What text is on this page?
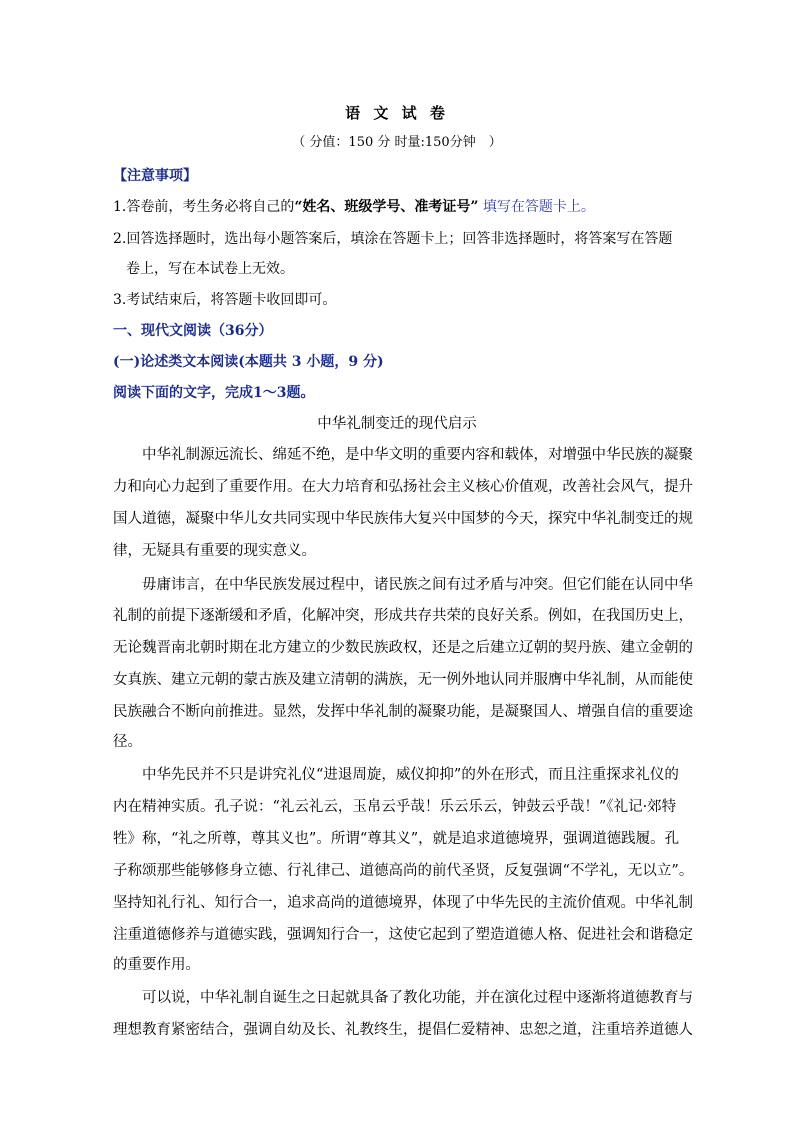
语 文 试 卷
（ 分值：150 分 时量:150分钟　）
【注意事项】
1.答卷前，考生务必将自己的“姓名、班级学号、准考证号” 填写在答题卡上。
2.回答选择题时，选出每小题答案后，填涂在答题卡上；回答非选择题时，将答案写在答题
卷上，写在本试卷上无效。
3.考试结束后，将答题卡收回即可。
一、现代文阅读（36分）
(一)论述类文本阅读(本题共 3 小题，9 分)
阅读下面的文字，完成1～3题。
中华礼制变迁的现代启示
中华礼制源远流长、绵延不绝，是中华文明的重要内容和载体，对增强中华民族的凝聚
力和向心力起到了重要作用。在大力培育和弘扬社会主义核心价值观，改善社会风气，提升
国人道德，凝聚中华儿女共同实现中华民族伟大复兴中国梦的今天，探究中华礼制变迁的规
律，无疑具有重要的现实意义。
毋庸讳言，在中华民族发展过程中，诸民族之间有过矛盾与冲突。但它们能在认同中华
礼制的前提下逐渐缓和矛盾，化解冲突，形成共存共荣的良好关系。例如，在我国历史上，
无论魏晋南北朝时期在北方建立的少数民族政权，还是之后建立辽朝的契丹族、建立金朝的
女真族、建立元朝的蒙古族及建立清朝的满族，无一例外地认同并服膺中华礼制，从而能使
民族融合不断向前推进。显然，发挥中华礼制的凝聚功能，是凝聚国人、增强自信的重要途
径。
中华先民并不只是讲究礼仪“进退周旋，威仪抑抑”的外在形式，而且注重探求礼仪的
内在精神实质。孔子说：“礼云礼云，玉帛云乎哉！乐云乐云，钟鼓云乎哉！”《礼记·郊特
牲》称，“礼之所尊，尊其义也”。所谓“尊其义”，就是追求道德境界，强调道德践履。孔
子称颂那些能够修身立德、行礼律己、道德高尚的前代圣贤，反复强调“不学礼，无以立”。
坚持知礼行礼、知行合一，追求高尚的道德境界，体现了中华先民的主流价值观。中华礼制
注重道德修养与道德实践，强调知行合一，这使它起到了塑造道德人格、促进社会和谐稳定
的重要作用。
可以说，中华礼制自诞生之日起就具备了教化功能，并在演化过程中逐渐将道德教育与
理想教育紧密结合，强调自幼及长、礼教终生，提倡仁爱精神、忠恕之道，注重培养道德人
